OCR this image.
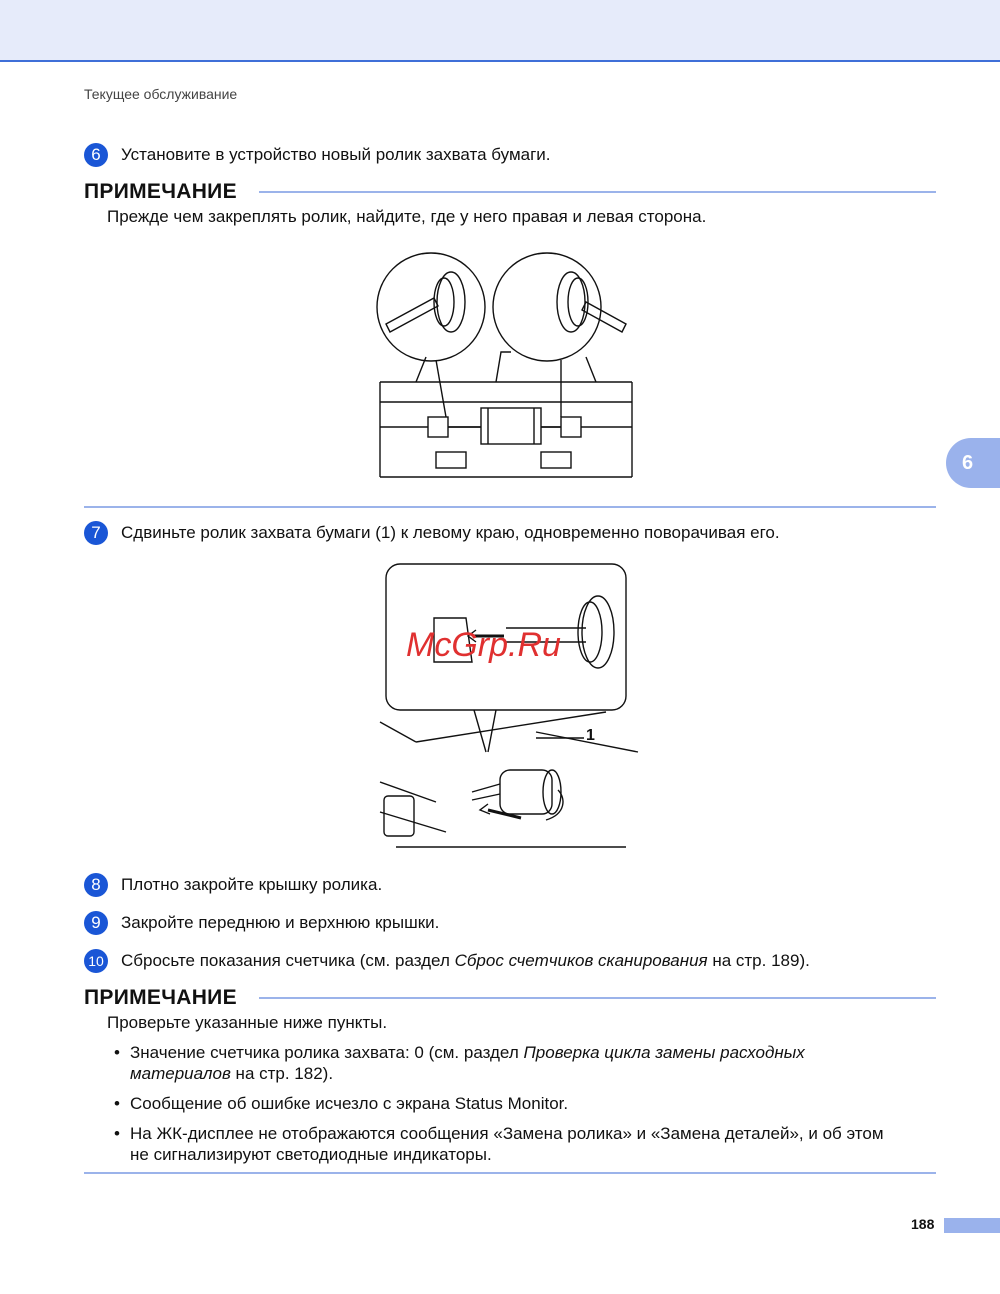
Текущее обслуживание
6	Установите в устройство новый ролик захвата бумаги.
ПРИМЕЧАНИЕ
Прежде чем закреплять ролик, найдите, где у него правая и левая сторона.
7	Сдвиньте ролик захвата бумаги (1) к левому краю, одновременно поворачивая его.
1
McGrp.Ru
8	Плотно закройте крышку ролика.
9	Закройте переднюю и верхнюю крышки.
10 Сбросьте показания счетчика (см. раздел Сброс счетчиков сканирования на стр. 189).
ПРИМЕЧАНИЕ
Проверьте указанные ниже пункты.
• Значение счетчика ролика захвата: 0 (см. раздел Проверка цикла замены расходных материалов на стр. 182).
• Сообщение об ошибке исчезло с экрана Status Monitor.
• На ЖК-дисплее не отображаются сообщения «Замена ролика» и «Замена деталей», и об этом не сигнализируют светодиодные индикаторы.
6
188
